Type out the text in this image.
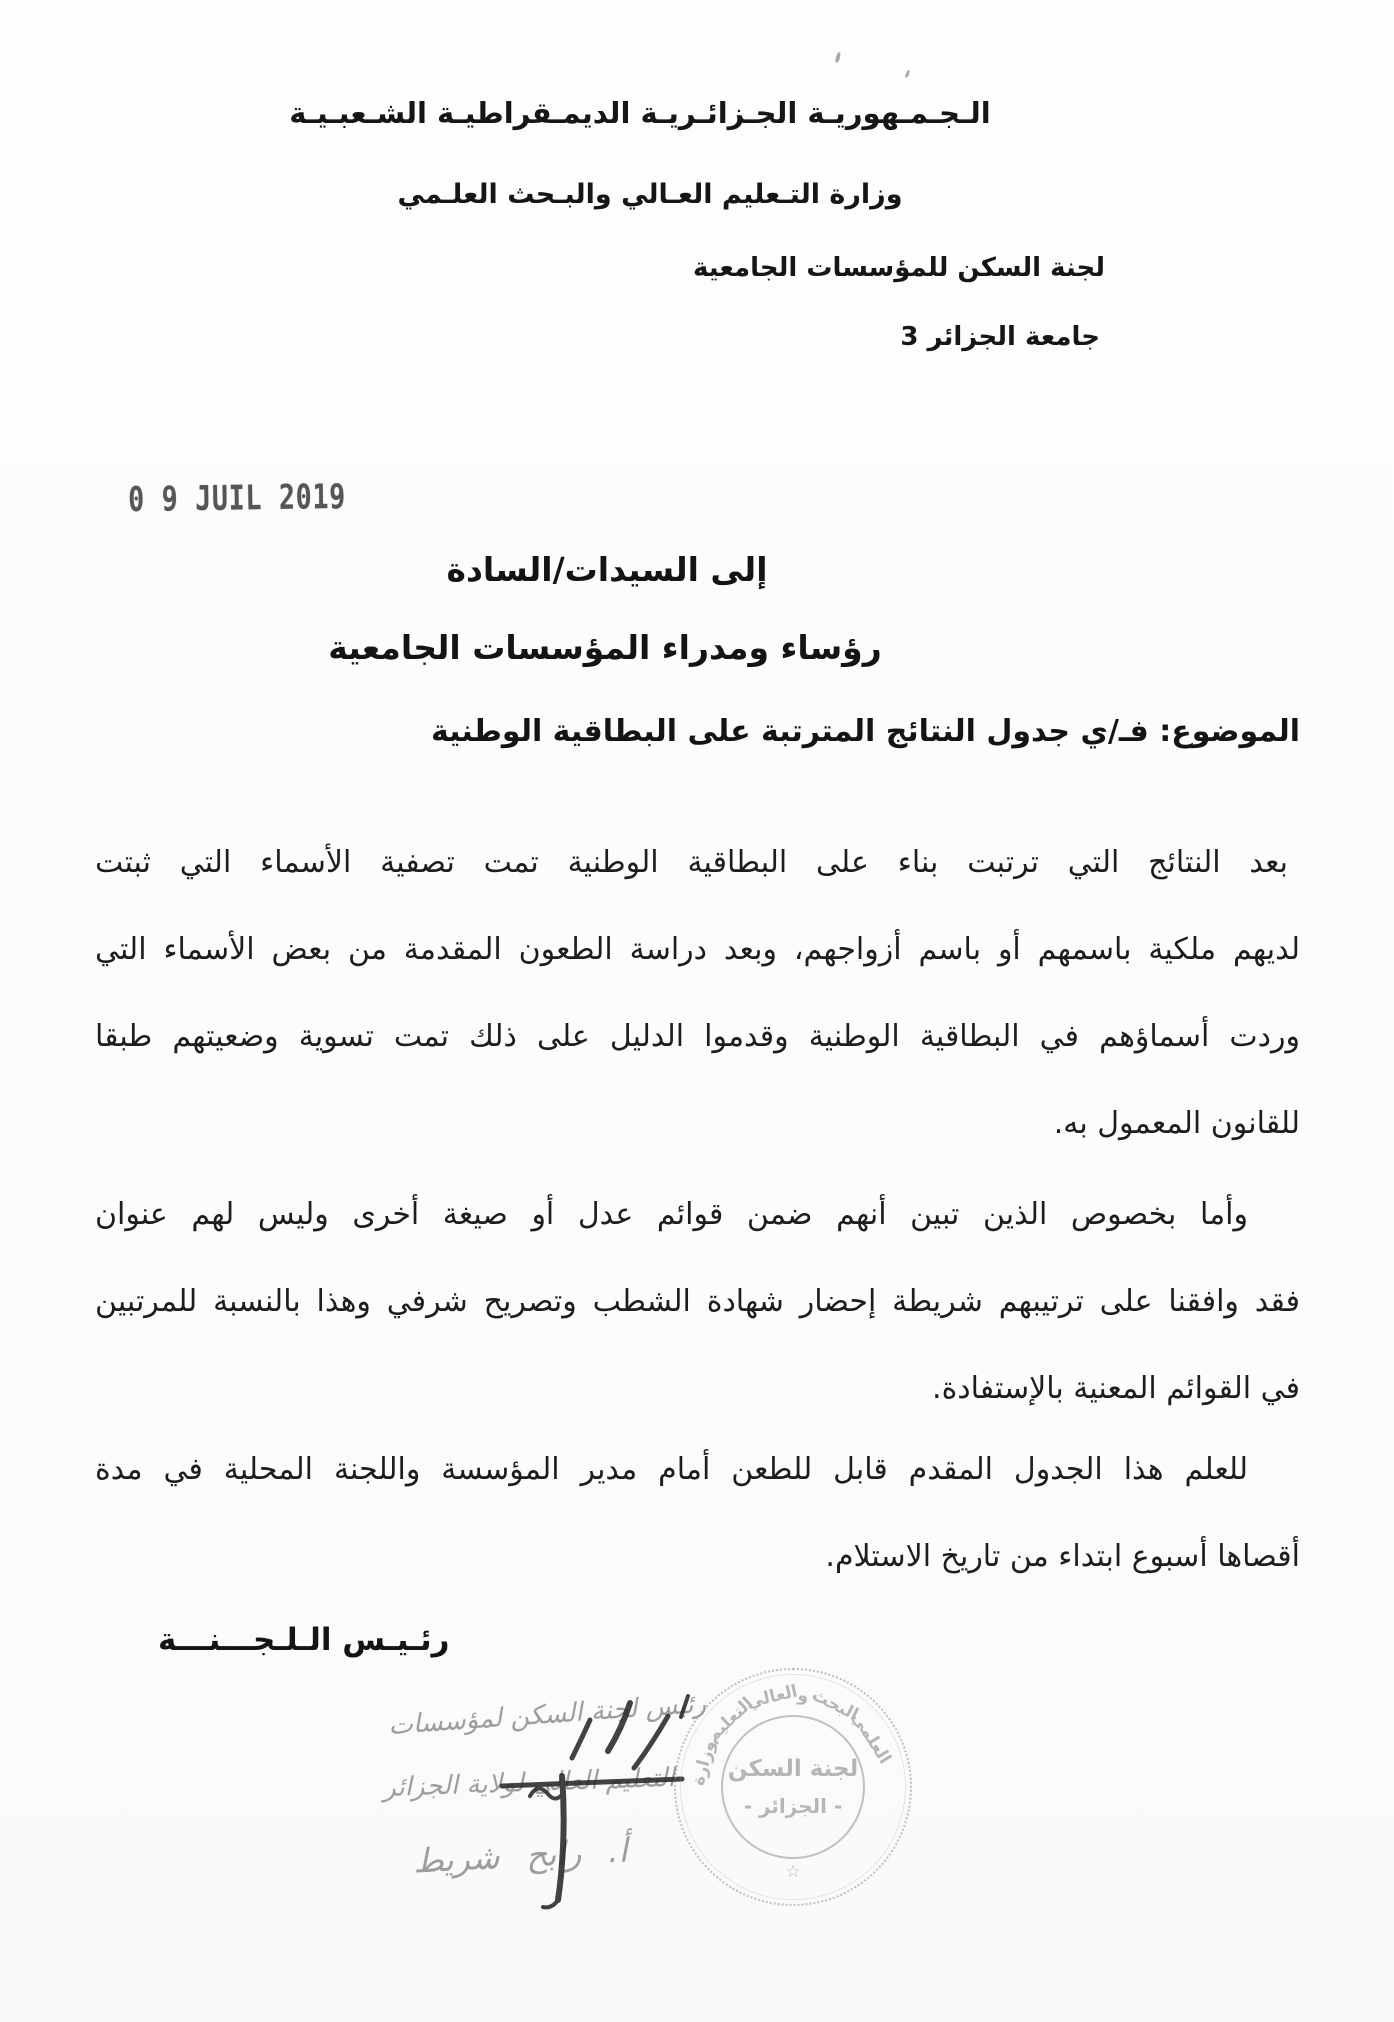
الـجـمـهوريـة الجـزائـريـة الديمـقراطيـة الشـعبـيـة
وزارة التـعليم العـالي والبـحث العلـمي
لجنة السكن للمؤسسات الجامعية
جامعة الجزائر 3
0 9 JUIL 2019
إلى السيدات/السادة
رؤساء ومدراء المؤسسات الجامعية
الموضوع: فـ/ي جدول النتائج المترتبة على البطاقية الوطنية
بعد النتائج التي ترتبت بناء على البطاقية الوطنية تمت تصفية الأسماء التي ثبتت
لديهم ملكية باسمهم أو باسم أزواجهم، وبعد دراسة الطعون المقدمة من بعض الأسماء التي
وردت أسماؤهم في البطاقية الوطنية وقدموا الدليل على ذلك تمت تسوية وضعيتهم طبقا
للقانون المعمول به.
وأما بخصوص الذين تبين أنهم ضمن قوائم عدل أو صيغة أخرى وليس لهم عنوان
فقد وافقنا على ترتيبهم شريطة إحضار شهادة الشطب وتصريح شرفي وهذا بالنسبة للمرتبين
في القوائم المعنية بالإستفادة.
للعلم هذا الجدول المقدم قابل للطعن أمام مدير المؤسسة واللجنة المحلية في مدة
أقصاها أسبوع ابتداء من تاريخ الاستلام.
رئـيـس الـلـجـــنـــة
رئيس لجنة السكن لمؤسسات
التعليم العالي لولاية الجزائر
أ. رابح شريط
وزارة
التعليم
العالي
و البحث
العلمي
لجنة السكن
- الجزائر -
☆
